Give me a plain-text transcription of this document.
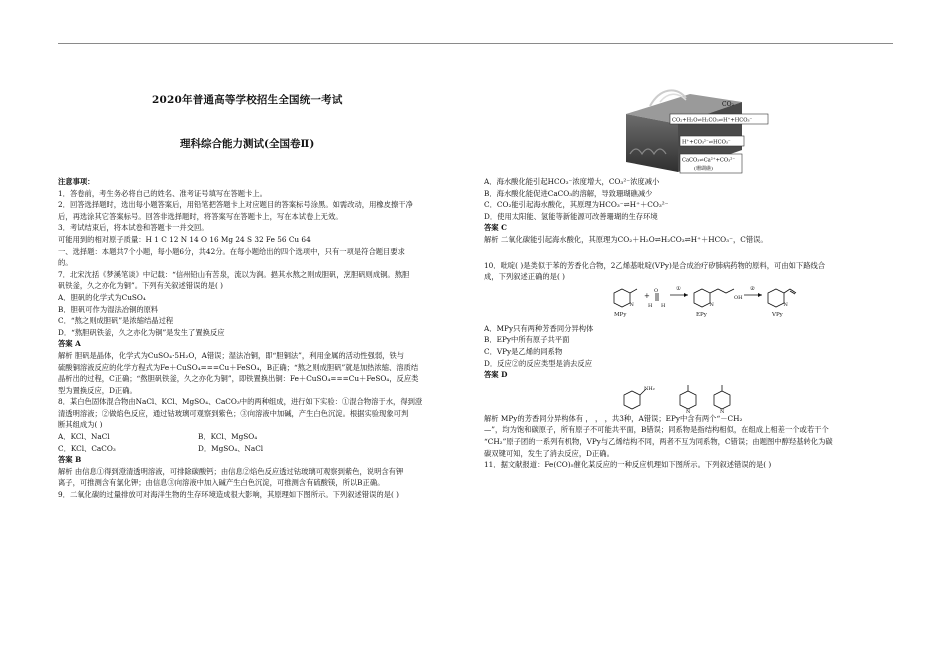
2020年普通高等学校招生全国统一考试
理科综合能力测试(全国卷Ⅱ)
CO₂
CO₂+H₂O⇌H₂CO₃⇌H⁺+HCO₃⁻
H⁺+CO₃²⁻⇌HCO₃⁻
CaCO₃⇌Ca²⁺+CO₃²⁻
(珊瑚礁)
注意事项：
1．答卷前，考生务必将自己的姓名、准考证号填写在答题卡上。
2．回答选择题时，选出每小题答案后，用铅笔把答题卡上对应题目的答案标号涂黑。如需改动，用橡皮擦干净
后，再选涂其它答案标号。回答非选择题时，将答案写在答题卡上，写在本试卷上无效。
3．考试结束后，将本试卷和答题卡一并交回。
可能用到的相对原子质量：H 1 C 12 N 14 O 16 Mg 24 S 32 Fe 56 Cu 64
一、选择题：本题共7个小题，每小题6分，共42分。在每小题给出的四个选项中，只有一项是符合题目要求
的。
7．北宋沈括《梦溪笔谈》中记载：“信州铅山有苦泉，流以为涧。挹其水熬之则成胆矾，烹胆矾则成铜。熬胆
矾铁釜，久之亦化为铜”。下列有关叙述错误的是( )
A．胆矾的化学式为CuSO₄
B．胆矾可作为湿法冶铜的原料
C．“熬之则成胆矾”是浓缩结晶过程
D．“熬胆矾铁釜，久之亦化为铜”是发生了置换反应
答案 A
解析 胆矾是晶体，化学式为CuSO₄·5H₂O，A错误；湿法冶铜，即“胆铜法”，利用金属的活动性强弱，铁与
硫酸铜溶液反应的化学方程式为Fe＋CuSO₄===Cu＋FeSO₄，B正确；“熬之则成胆矾”就是加热浓缩、溶质结
晶析出的过程，C正确；“熬胆矾铁釜，久之亦化为铜”，即铁置换出铜：Fe＋CuSO₄===Cu＋FeSO₄，反应类
型为置换反应，D正确。
8．某白色固体混合物由NaCl、KCl、MgSO₄、CaCO₃中的两种组成，进行如下实验：①混合物溶于水，得到澄
清透明溶液；②做焰色反应，通过钴玻璃可观察到紫色；③向溶液中加碱，产生白色沉淀。根据实验现象可判
断其组成为( )
A．KCl、NaCl	B．KCl、MgSO₄
C．KCl、CaCO₃	D．MgSO₄、NaCl
答案 B
解析 由信息①得到澄清透明溶液，可排除碳酸钙；由信息②焰色反应透过钴玻璃可观察到紫色，说明含有钾
离子，可推测含有氯化钾；由信息③向溶液中加入碱产生白色沉淀，可推测含有硫酸镁，所以B正确。
9．二氧化碳的过量排放可对海洋生物的生存环境造成很大影响，其原理如下图所示。下列叙述错误的是( )
A．海水酸化能引起HCO₃⁻浓度增大，CO₃²⁻浓度减小
B．海水酸化能促进CaCO₃的溶解，导致珊瑚礁减少
C．CO₂能引起海水酸化，其原理为HCO₃⁻⇌H⁺＋CO₃²⁻
D．使用太阳能、氢能等新能源可改善珊瑚的生存环境
答案 C
解析 二氧化碳能引起海水酸化，其原理为CO₂＋H₂O⇌H₂CO₃⇌H⁺＋HCO₃⁻，C错误。
10．吡啶( )是类似于苯的芳香化合物，2乙烯基吡啶(VPy)是合成治疗矽肺病药物的原料，可由如下路线合
成，下列叙述正确的是( )
N
MPy
+
O
H H
①
N
OH
EPy
②
N
VPy
A．MPy只有两种芳香同分异构体
B．EPy中所有原子共平面
C．VPy是乙烯的同系物
D．反应②的反应类型是消去反应
答案 D
NH₂
N	N
解析 MPy的芳香同分异构体有 ， ， ，共3种，A错误；EPy中含有两个“－CH₂
—”，均为饱和碳原子，所有原子不可能共平面，B错误；同系物是指结构相似，在组成上相差一个或若干个
“CH₂”原子团的一系列有机物，VPy与乙烯结构不同，两者不互为同系物，C错误；由题图中醇羟基转化为碳
碳双键可知，发生了消去反应，D正确。
11．据文献报道：Fe(CO)₅催化某反应的一种反应机理如下图所示。下列叙述错误的是( )
